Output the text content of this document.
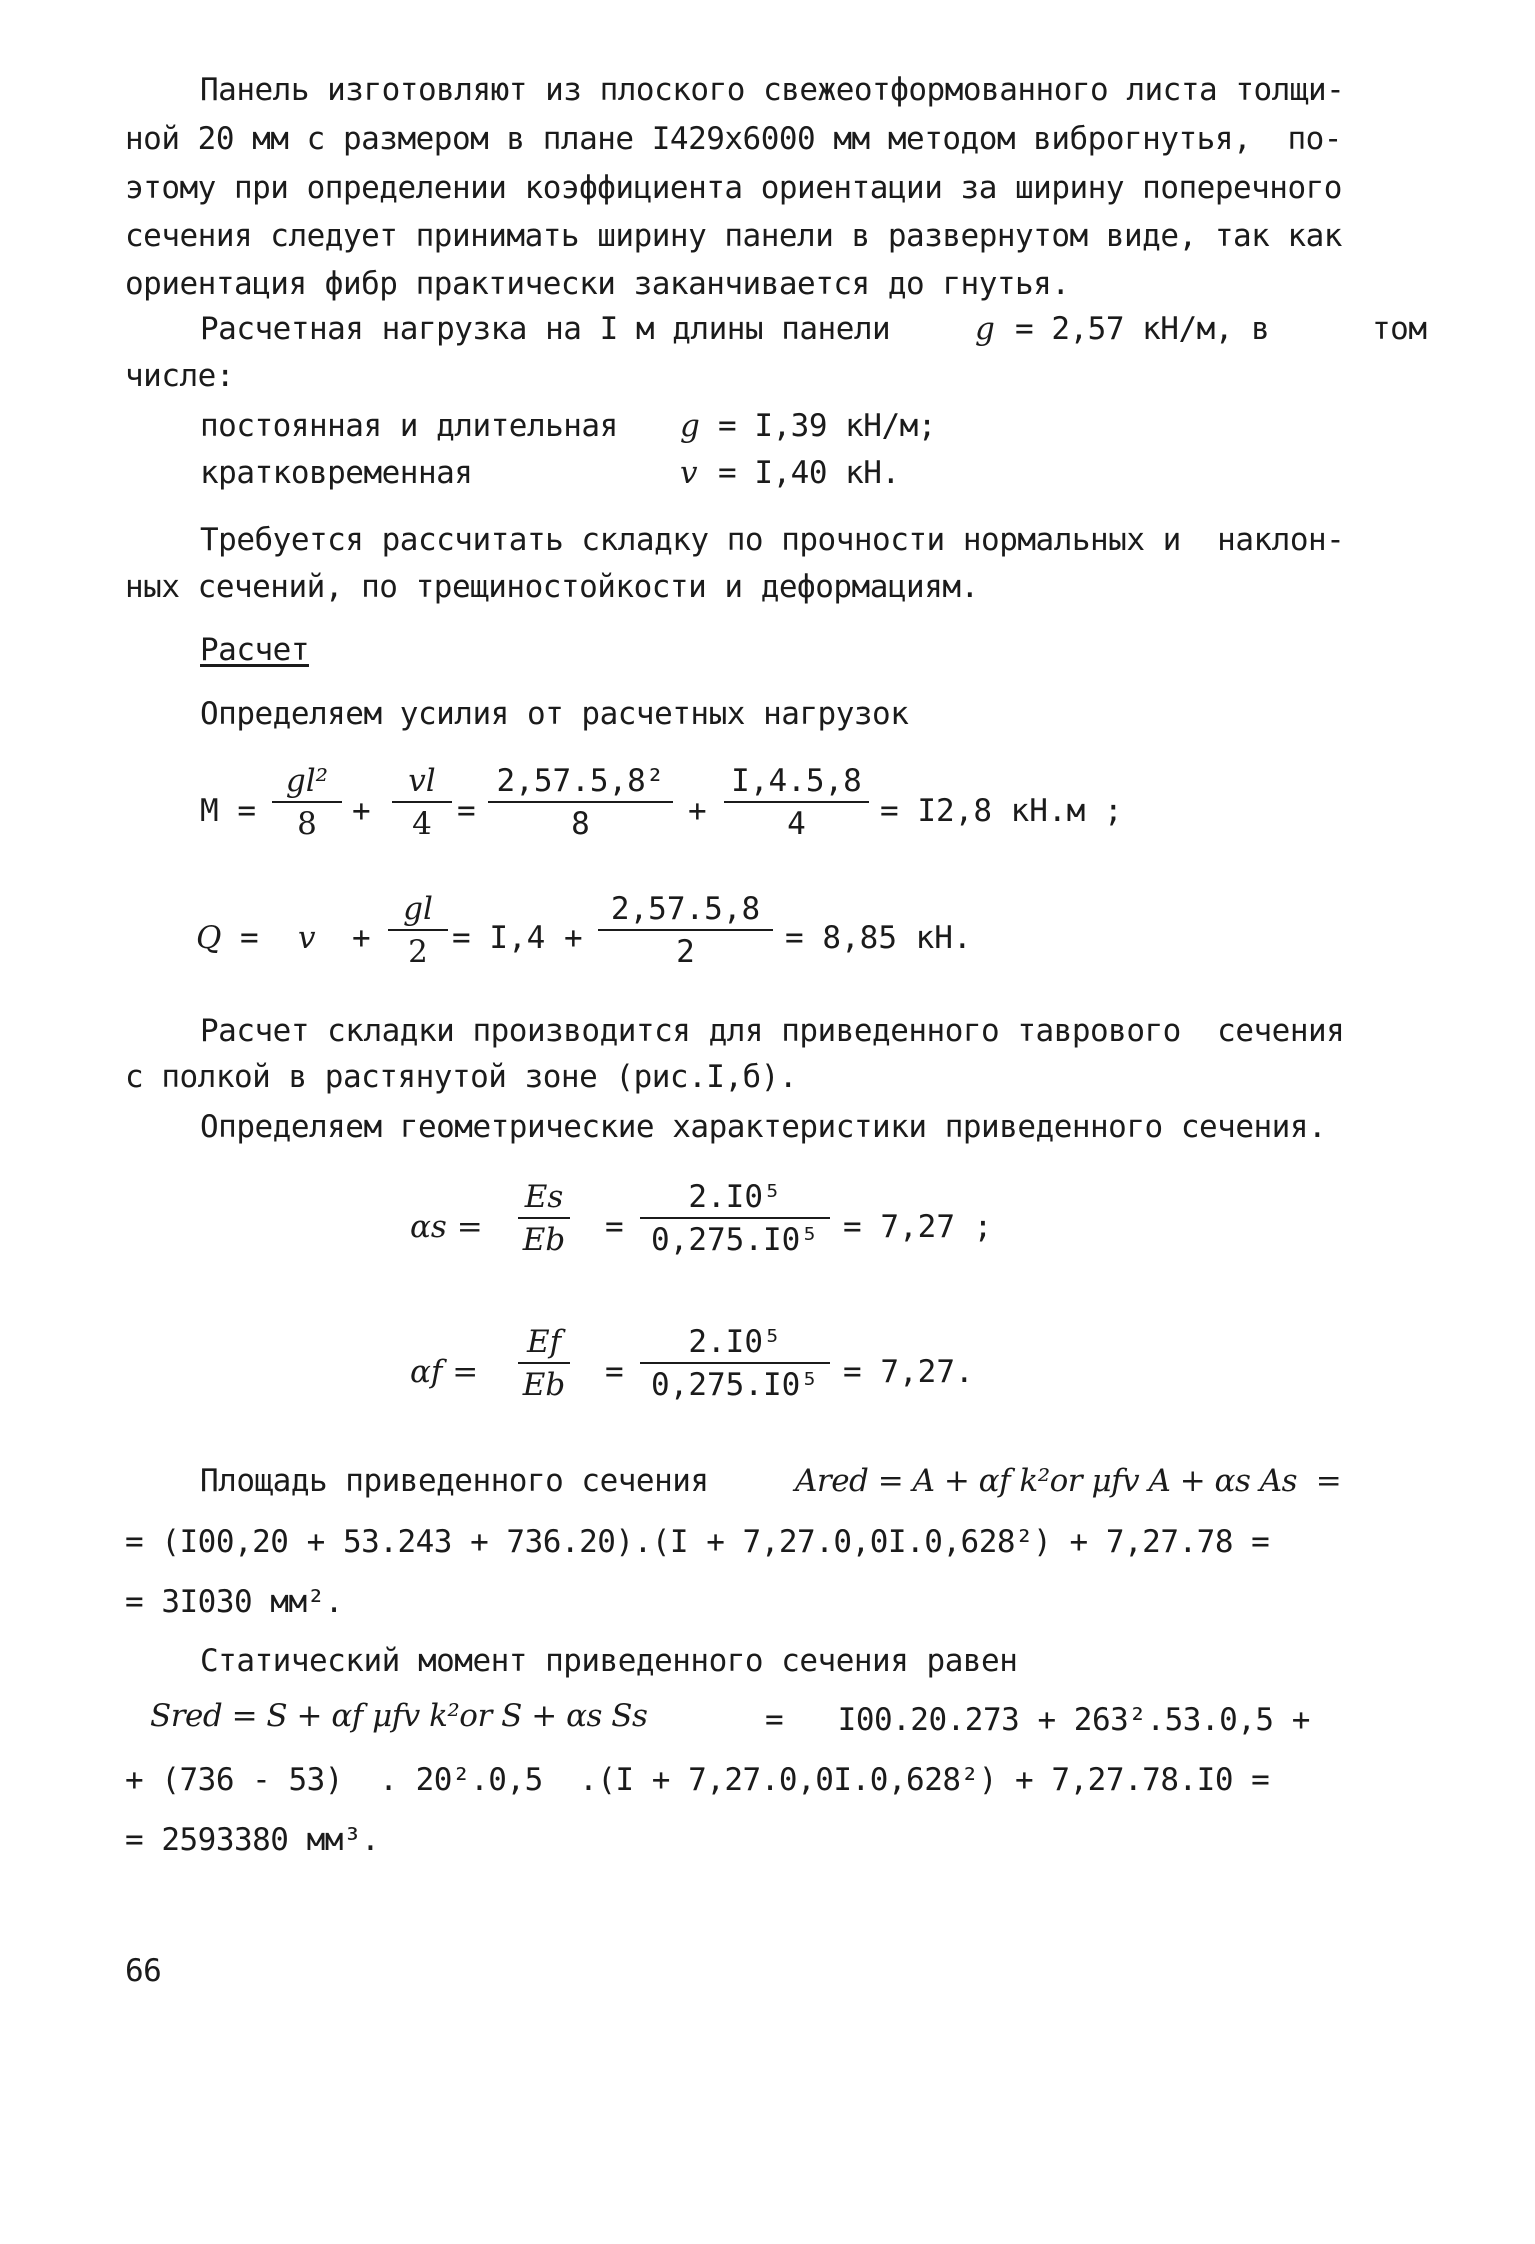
Панель изготовляют из плоского свежеотформованного листа толщи-
ной 20 мм с размером в плане I429x6000 мм методом виброгнутья,  по-
этому при определении коэффициента ориентации за ширину поперечного
сечения следует принимать ширину панели в развернутом виде, так как
ориентация фибр практически заканчивается до гнутья.
Расчетная нагрузка на I м длины панели	g = 2,57 кН/м, в	том
числе:
постоянная и длительная g = I,39 кН/м;
кратковременная	v = I,40 кН.
Требуется рассчитать складку по прочности нормальных и  наклон-
ных сечений, по трещиностойкости и деформациям.
Расчет
Определяем усилия от расчетных нагрузок
M =
gl²
8	+
vl
4 =
2,57.5,8²
8	+
I,4.5,8
4	= I2,8 кН.м ;
Q = v +
gl
2 = I,4 +
2,57.5,8
2	= 8,85 кН.
Расчет складки производится для приведенного таврового  сечения
с полкой в растянутой зоне (рис.I,б).
Определяем геометрические характеристики приведенного сечения.
αs =
Es
Eb =
2.I0⁵
0,275.I0⁵ = 7,27 ;
αf =
Ef
Eb =
2.I0⁵
0,275.I0⁵ = 7,27.
Площадь приведенного сечения	Ared = A + αf k²or μfv A + αs As  =
= (I00,20 + 53.243 + 736.20).(I + 7,27.0,0I.0,628²) + 7,27.78 =
= 3I030 мм².
Статический момент приведенного сечения равен
Sred = S + αf μfv k²or S + αs Ss	=   I00.20.273 + 263².53.0,5 +
+ (736 - 53)  . 20².0,5  .(I + 7,27.0,0I.0,628²) + 7,27.78.I0 =
= 2593380 мм³.
66
